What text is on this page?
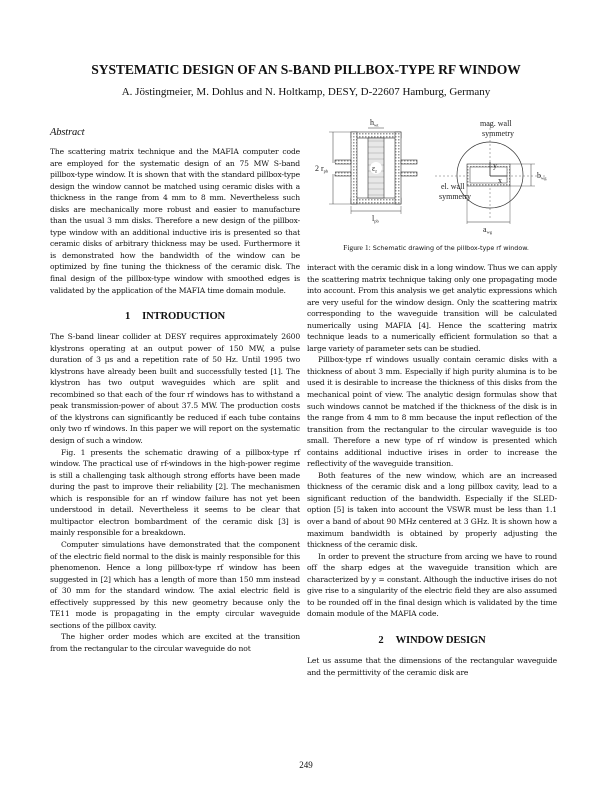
SYSTEMATIC DESIGN OF AN S-BAND PILLBOX-TYPE RF WINDOW
A. Jöstingmeier, M. Dohlus and N. Holtkamp, DESY, D-22607 Hamburg, Germany
Abstract

The scattering matrix technique and the MAFIA computer code are employed for the systematic design of an 75 MW S-band pillbox-type window. It is shown that with the standard pillbox-type design the window cannot be matched using ceramic disks with a thickness in the range from 4 mm to 8 mm. Nevertheless such disks are mechanically more robust and easier to manufacture than the usual 3 mm disks. Therefore a new design of the pillbox-type window with an additional inductive iris is presented so that ceramic disks of arbitrary thickness may be used. Furthermore it is demonstrated how the bandwidth of the window can be optimized by fine tuning the thickness of the ceramic disk. The final design of the pillbox-type window with smoothed edges is validated by the application of the MAFIA time domain module.

1 INTRODUCTION

The S-band linear collider at DESY requires approximately 2600 klystrons operating at an output power of 150 MW, a pulse duration of 3 µs and a repetition rate of 50 Hz. Until 1995 two klystrons have already been built and successfully tested [1]. The klystron has two output waveguides which are split and recombined so that each of the four rf windows has to withstand a peak transmission-power of about 37.5 MW. The production costs of the klystrons can significantly be reduced if each tube contains only two rf windows. In this paper we will report on the systematic design of such a window.

Fig. 1 presents the schematic drawing of a pillbox-type rf window. The practical use of rf-windows in the high-power regime is still a challenging task although strong efforts have been made during the past to improve their reliability [2]. The mechanismen which is responsible for an rf window failure has not yet been understood in detail. Nevertheless it seems to be clear that multipactor electron bombardment of the ceramic disk [3] is mainly responsible for a breakdown.

Computer simulations have demonstrated that the component of the electric field normal to the disk is mainly responsible for this phenomenon. Hence a long pillbox-type rf window has been suggested in [2] which has a length of more than 150 mm instead of 30 mm for the standard window. The axial electric field is effectively suppressed by this new geometry because only the TE11 mode is propagating in the empty circular waveguide sections of the pillbox cavity.

The higher order modes which are excited at the transition from the rectangular to the circular waveguide do not

$\varepsilon_r$
hwt
2 rpb
lpb
y
x
mag. wall
symmetry
el. wall
symmetry
bwg
awg
Figure 1: Schematic drawing of the pillbox-type rf window.

interact with the ceramic disk in a long window. Thus we can apply the scattering matrix technique taking only one propagating mode into account. From this analysis we get analytic expressions which are very useful for the window design. Only the scattering matrix corresponding to the waveguide transition will be calculated numerically using MAFIA [4]. Hence the scattering matrix technique leads to a numerically efficient formulation so that a large variety of parameter sets can be studied.

Pillbox-type rf windows usually contain ceramic disks with a thickness of about 3 mm. Especially if high purity alumina is to be used it is desirable to increase the thickness of this disks from the mechanical point of view. The analytic design formulas show that such windows cannot be matched if the thickness of the disk is in the range from 4 mm to 8 mm because the input reflection of the transition from the rectangular to the circular waveguide is too small. Therefore a new type of rf window is presented which contains additional inductive irises in order to increase the reflectivity of the waveguide transition.

Both features of the new window, which are an increased thickness of the ceramic disk and a long pillbox cavity, lead to a significant reduction of the bandwidth. Especially if the SLED-option [5] is taken into account the VSWR must be less than 1.1 over a band of about 90 MHz centered at 3 GHz. It is shown how a maximum bandwidth is obtained by properly adjusting the thickness of the ceramic disk.

In order to prevent the structure from arcing we have to round off the sharp edges at the waveguide transition which are characterized by y = constant. Although the inductive irises do not give rise to a singularity of the electric field they are also assumed to be rounded off in the final design which is validated by the time domain module of the MAFIA code.

2 WINDOW DESIGN

Let us assume that the dimensions of the rectangular waveguide and the permittivity of the ceramic disk are

249
